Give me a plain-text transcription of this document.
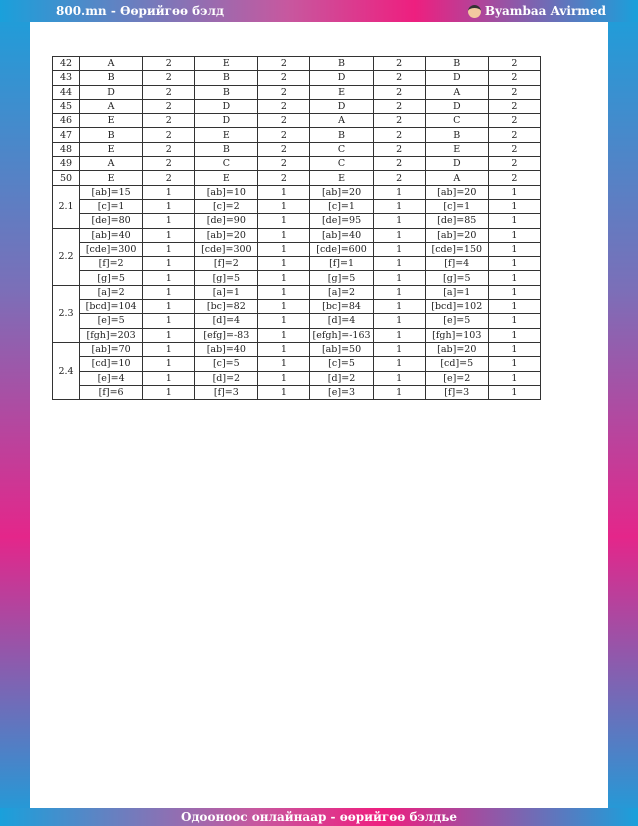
800.mn - Өөрийгөө бэлд	Byambaa Avirmed
42	A	2	E	2	B	2	B	2
43	B	2	B	2	D	2	D	2
44	D	2	B	2	E	2	A	2
45	A	2	D	2	D	2	D	2
46	E	2	D	2	A	2	C	2
47	B	2	E	2	B	2	B	2
48	E	2	B	2	C	2	E	2
49	A	2	C	2	C	2	D	2
50	E	2	E	2	E	2	A	2
2.1	[ab]=15	1	[ab]=10	1	[ab]=20	1	[ab]=20	1
	[c]=1	1	[c]=2	1	[c]=1	1	[c]=1	1
	[de]=80	1	[de]=90	1	[de]=95	1	[de]=85	1
2.2	[ab]=40	1	[ab]=20	1	[ab]=40	1	[ab]=20	1
	[cde]=300	1	[cde]=300	1	[cde]=600	1	[cde]=150	1
	[f]=2	1	[f]=2	1	[f]=1	1	[f]=4	1
	[g]=5	1	[g]=5	1	[g]=5	1	[g]=5	1
2.3	[a]=2	1	[a]=1	1	[a]=2	1	[a]=1	1
	[bcd]=104	1	[bc]=82	1	[bc]=84	1	[bcd]=102	1
	[e]=5	1	[d]=4	1	[d]=4	1	[e]=5	1
	[fgh]=203	1	[efg]=-83	1	[efgh]=-163	1	[fgh]=103	1
2.4	[ab]=70	1	[ab]=40	1	[ab]=50	1	[ab]=20	1
	[cd]=10	1	[c]=5	1	[c]=5	1	[cd]=5	1
	[e]=4	1	[d]=2	1	[d]=2	1	[e]=2	1
	[f]=6	1	[f]=3	1	[e]=3	1	[f]=3	1
Одооноос онлайнаар - өөрийгөө бэлдье
